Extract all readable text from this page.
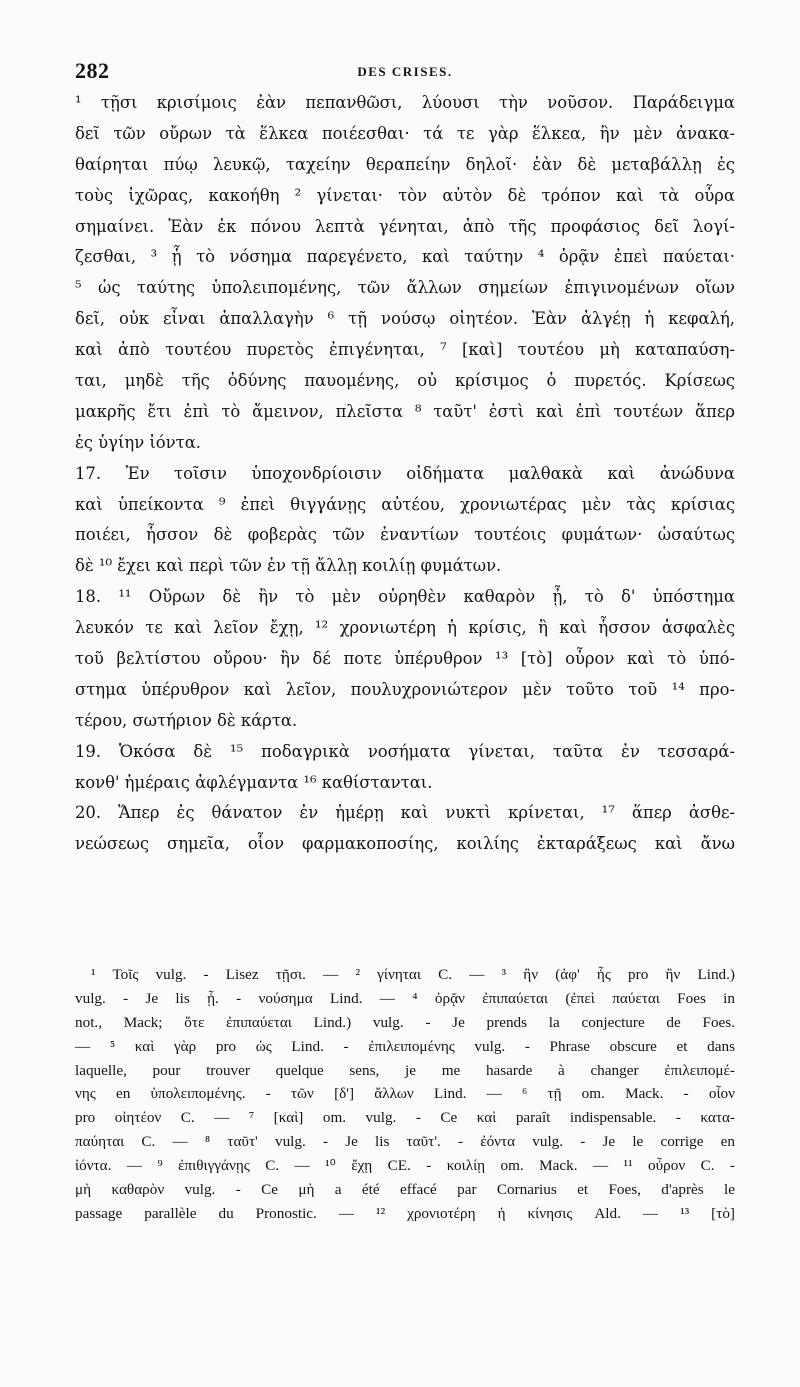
282	DES CRISES.
¹ τῇσι κρισίμοις ἐὰν πεπανθῶσι, λύουσι τὴν νοῦσον. Παράδειγμα
δεῖ τῶν οὔρων τὰ ἕλκεα ποιέεσθαι· τά τε γὰρ ἕλκεα, ἢν μὲν ἀνακα-
θαίρηται πύῳ λευκῷ, ταχείην θεραπείην δηλοῖ· ἐὰν δὲ μεταβάλλῃ ἐς
τοὺς ἰχῶρας, κακοήθη ² γίνεται· τὸν αὐτὸν δὲ τρόπον καὶ τὰ οὖρα
σημαίνει. Ἐὰν ἐκ πόνου λεπτὰ γένηται, ἀπὸ τῆς προφάσιος δεῖ λογί-
ζεσθαι, ³ ᾗ τὸ νόσημα παρεγένετο, καὶ ταύτην ⁴ ὁρᾷν ἐπεὶ παύεται·
⁵ ὡς ταύτης ὑπολειπομένης, τῶν ἄλλων σημείων ἐπιγινομένων οἵων
δεῖ, οὐκ εἶναι ἀπαλλαγὴν ⁶ τῇ νούσῳ οἰητέον. Ἐὰν ἀλγέῃ ἡ κεφαλή,
καὶ ἀπὸ τουτέου πυρετὸς ἐπιγένηται, ⁷ [καὶ] τουτέου μὴ καταπαύση-
ται, μηδὲ τῆς ὀδύνης παυομένης, οὐ κρίσιμος ὁ πυρετός. Κρίσεως
μακρῆς ἔτι ἐπὶ τὸ ἄμεινον, πλεῖστα ⁸ ταῦτ' ἐστὶ καὶ ἐπὶ τουτέων ἅπερ
ἐς ὑγίην ἰόντα.
17. Ἐν τοῖσιν ὑποχονδρίοισιν οἰδήματα μαλθακὰ καὶ ἀνώδυνα
καὶ ὑπείκοντα ⁹ ἐπεὶ θιγγάνῃς αὐτέου, χρονιωτέρας μὲν τὰς κρίσιας
ποιέει, ἧσσον δὲ φοβερὰς τῶν ἐναντίων τουτέοις φυμάτων· ὡσαύτως
δὲ ¹⁰ ἔχει καὶ περὶ τῶν ἐν τῇ ἄλλῃ κοιλίῃ φυμάτων.
18. ¹¹ Οὔρων δὲ ἢν τὸ μὲν οὐρηθὲν καθαρὸν ᾖ, τὸ δ' ὑπόστημα
λευκόν τε καὶ λεῖον ἔχῃ, ¹² χρονιωτέρη ἡ κρίσις, ἢ καὶ ἧσσον ἀσφαλὲς
τοῦ βελτίστου οὔρου· ἢν δέ ποτε ὑπέρυθρον ¹³ [τὸ] οὖρον καὶ τὸ ὑπό-
στημα ὑπέρυθρον καὶ λεῖον, πουλυχρονιώτερον μὲν τοῦτο τοῦ ¹⁴ προ-
τέρου, σωτήριον δὲ κάρτα.
19. Ὁκόσα δὲ ¹⁵ ποδαγρικὰ νοσήματα γίνεται, ταῦτα ἐν τεσσαρά-
κονθ' ἡμέραις ἀφλέγμαντα ¹⁶ καθίστανται.
20. Ἅπερ ἐς θάνατον ἐν ἡμέρῃ καὶ νυκτὶ κρίνεται, ¹⁷ ἅπερ ἀσθε-
νεώσεως σημεῖα, οἷον φαρμακοποσίης, κοιλίης ἐκταράξεως καὶ ἄνω
¹ Τοῖς vulg. - Lisez τῇσι. — ² γίνηται C. — ³ ἢν (ἀφ' ἧς pro ἢν Lind.)
vulg. - Je lis ᾗ. - νούσημα Lind. — ⁴ ὁρᾷν ἐπιπαύεται (ἐπεὶ παύεται Foes in
not., Mack; ὅτε ἐπιπαύεται Lind.) vulg. - Je prends la conjecture de Foes.
— ⁵ καὶ γὰρ pro ὡς Lind. - ἐπιλειπομένης vulg. - Phrase obscure et dans
laquelle, pour trouver quelque sens, je me hasarde à changer ἐπιλειπομέ-
νης en ὑπολειπομένης. - τῶν [δ'] ἄλλων Lind. — ⁶ τῇ om. Mack. - οἷον
pro οἰητέον C. — ⁷ [καὶ] om. vulg. - Ce καὶ paraît indispensable. - κατα-
παύηται C. — ⁸ ταῦτ' vulg. - Je lis ταῦτ'. - ἐόντα vulg. - Je le corrige en
ἰόντα. — ⁹ ἐπιθιγγάνῃς C. — ¹⁰ ἔχῃ CE. - κοιλίῃ om. Mack. — ¹¹ οὖρον C. -
μὴ καθαρὸν vulg. - Ce μὴ a été effacé par Cornarius et Foes, d'après le
passage parallèle du Pronostic. — ¹² χρονιοτέρη ἡ κίνησις Ald. — ¹³ [τὸ]
